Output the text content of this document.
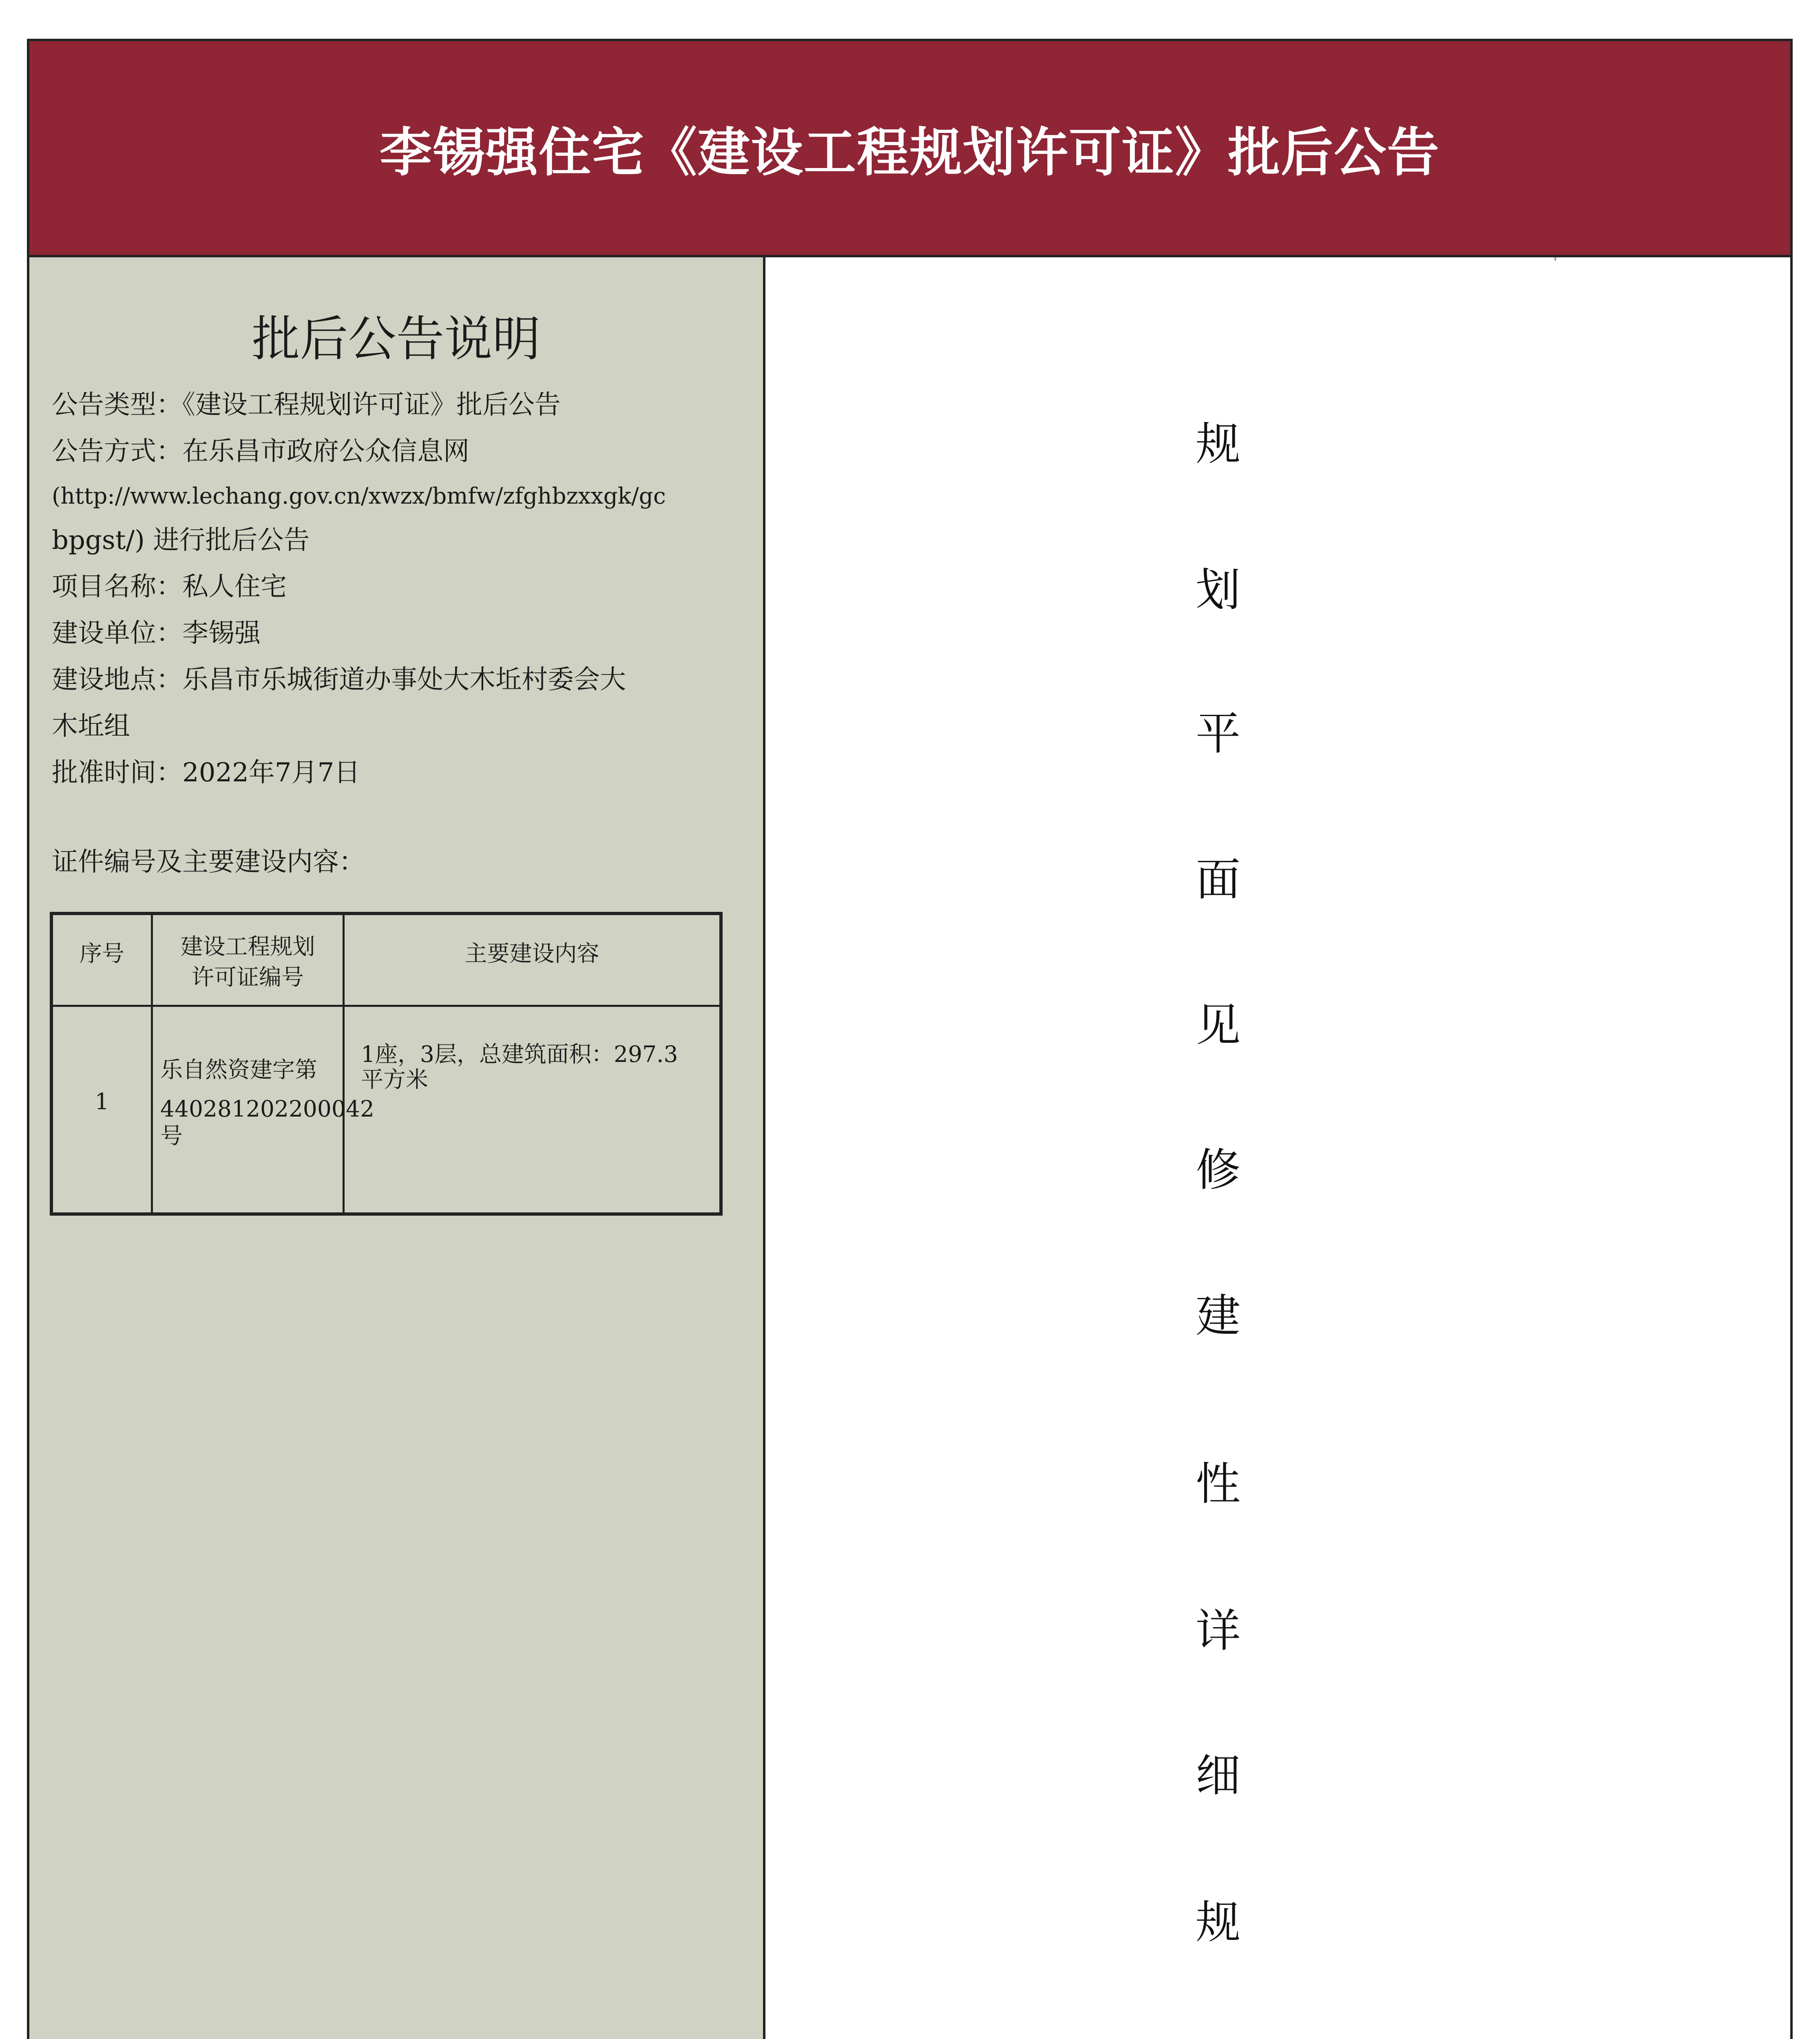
李锡强住宅《建设工程规划许可证》批后公告
批后公告说明
公告类型：《建设工程规划许可证》批后公告
公告方式：在乐昌市政府公众信息网
(http://www.lechang.gov.cn/xwzx/bmfw/zfghbzxxgk/gc
bpgst/) 进行批后公告
项目名称：私人住宅
建设单位：李锡强
建设地点：乐昌市乐城街道办事处大木坵村委会大
木坵组
批准时间：2022年7月7日
证件编号及主要建设内容：
序号	建设工程规划
许可证编号
主要建设内容
1
乐自然资建字第
440281202200042
号
1座，3层，总建筑面积：297.3
平方米
规
划
平
面
见
修
建
性
详
细
规
